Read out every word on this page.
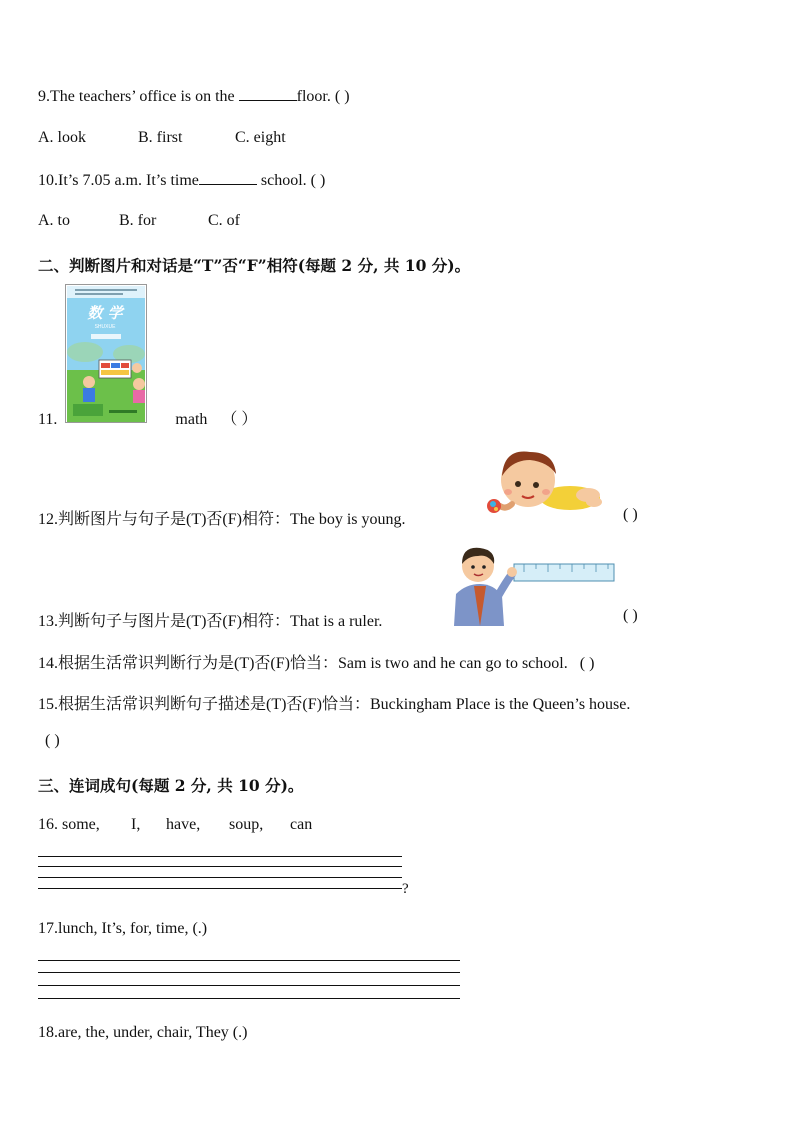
9.The teachers’ office is on the	floor. ( )
A. look	B. first	C. eight
10.It’s 7.05 a.m. It’s time	school. ( )
A. to	B. for	C. of
二、判断图片和对话是“T”否“F”相符(每题 2 分, 共 10 分)。
数 学
SHUXUE
11.	math （ ）
12.判断图片与句子是(T)否(F)相符：The boy is young.	( )
13.判断句子与图片是(T)否(F)相符：That is a ruler.	( )
14.根据生活常识判断行为是(T)否(F)恰当：Sam is two and he can go to school. ( )
15.根据生活常识判断句子描述是(T)否(F)恰当：Buckingham Place is the Queen’s house.
( )
三、连词成句(每题 2 分, 共 10 分)。
16. some, I, have, soup, can
?
17.lunch, It’s, for, time, (.)
18.are, the, under, chair, They (.)
